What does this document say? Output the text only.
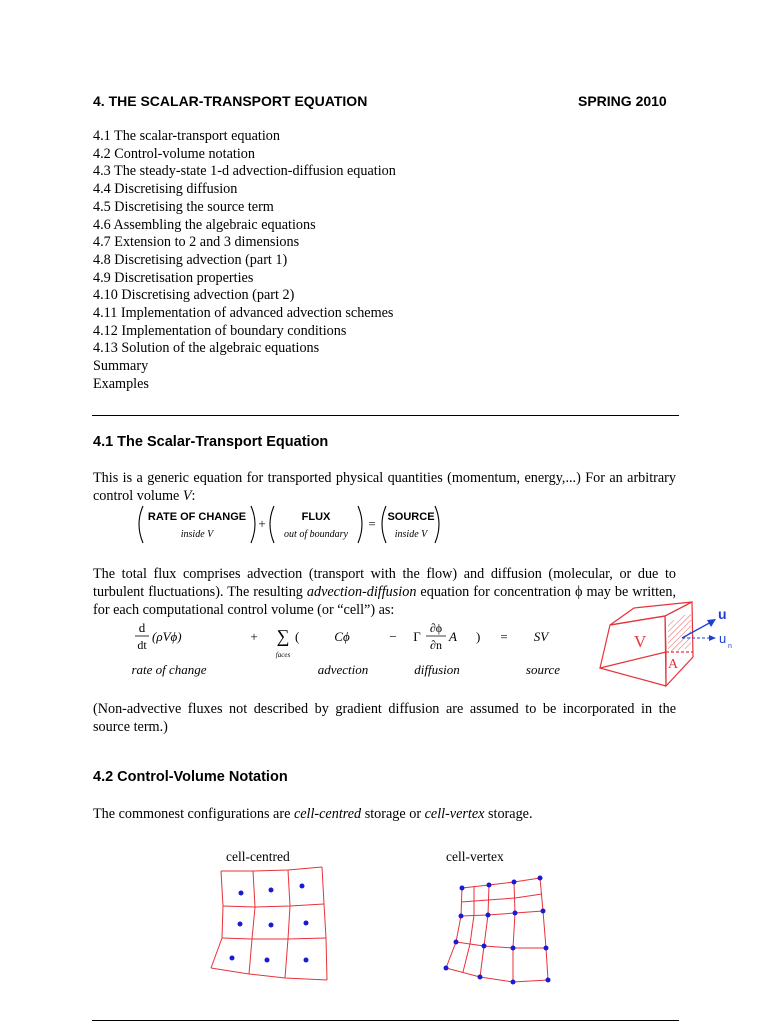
4. THE SCALAR-TRANSPORT EQUATION	SPRING 2010
4.1 The scalar-transport equation
4.2 Control-volume notation
4.3 The steady-state 1-d advection-diffusion equation
4.4 Discretising diffusion
4.5 Discretising the source term
4.6 Assembling the algebraic equations
4.7 Extension to 2 and 3 dimensions
4.8 Discretising advection (part 1)
4.9 Discretisation properties
4.10 Discretising advection (part 2)
4.11 Implementation of advanced advection schemes
4.12 Implementation of boundary conditions
4.13 Solution of the algebraic equations
Summary
Examples
4.1 The Scalar-Transport Equation

This is a generic equation for transported physical quantities (momentum, energy,...) For an arbitrary control volume V:

RATE OF CHANGE
inside V
+	FLUX
out of boundary
= SOURCE
inside V

The total flux comprises advection (transport with the flow) and diffusion (molecular, or due to turbulent fluctuations). The resulting advection-diffusion equation for concentration ϕ may be written, for each computational control volume (or “cell”) as:

d
dt
(ρVϕ)	+ ∑
faces
(	Cϕ	− Γ
∂ϕ
∂n
A ) = SV
rate of change	advection	diffusion	source
V
A
u
u
n

(Non-advective fluxes not described by gradient diffusion are assumed to be incorporated in the source term.)

4.2 Control-Volume Notation

The commonest configurations are cell-centred storage or cell-vertex storage.

cell-centred	cell-vertex
